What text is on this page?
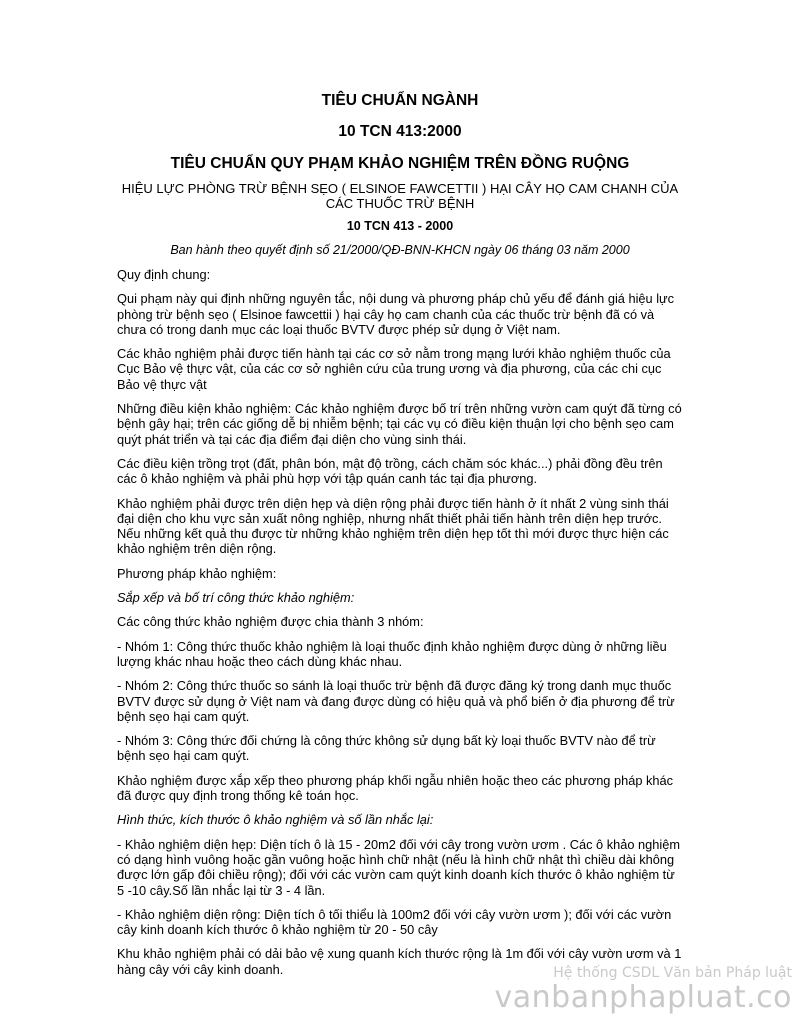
TIÊU CHUẨN NGÀNH
10 TCN 413:2000
TIÊU CHUẨN QUY PHẠM KHẢO NGHIỆM TRÊN ĐỒNG RUỘNG
HIỆU LỰC PHÒNG TRỪ BỆNH SẸO ( ELSINOE FAWCETTII ) HẠI CÂY HỌ CAM CHANH CỦA CÁC THUỐC TRỪ BỆNH
10 TCN 413 - 2000
Ban hành theo quyết định số 21/2000/QĐ-BNN-KHCN ngày 06 tháng 03 năm 2000

Quy định chung:

Qui phạm này qui định những nguyên tắc, nội dung và phương pháp chủ yếu để đánh giá hiệu lực phòng trừ bệnh sẹo ( Elsinoe fawcettii ) hại cây họ cam chanh của các thuốc trừ bệnh đã có và chưa có trong danh mục các loại thuốc BVTV được phép sử dụng ở Việt nam.

Các khảo nghiệm phải được tiến hành tại các cơ sở nằm trong mạng lưới khảo nghiệm thuốc của Cục Bảo vệ thực vật, của các cơ sở nghiên cứu của trung ương và địa phương, của các chi cục Bảo vệ thực vật

Những điều kiện khảo nghiệm: Các khảo nghiệm được bố trí trên những vườn cam quýt đã từng có bệnh gây hại; trên các giống dễ bị nhiễm bệnh; tại các vụ có điều kiện thuận lợi cho bệnh sẹo cam quýt phát triển và tại các địa điểm đại diện cho vùng sinh thái.

Các điều kiện trồng trọt (đất, phân bón, mật độ trồng, cách chăm sóc khác...) phải đồng đều trên các ô khảo nghiệm và phải phù hợp với tập quán canh tác tại địa phương.

Khảo nghiệm phải được trên diện hẹp và diện rộng phải được tiến hành ở ít nhất 2 vùng sinh thái đại diện cho khu vực sản xuất nông nghiệp, nhưng nhất thiết phải tiến hành trên diện hẹp trước. Nếu những kết quả thu được từ những khảo nghiệm trên diện hẹp tốt thì mới được thực hiện các khảo nghiệm trên diện rộng.

Phương pháp khảo nghiệm:

Sắp xếp và bố trí công thức khảo nghiệm:

Các công thức khảo nghiệm được chia thành 3 nhóm:

- Nhóm 1: Công thức thuốc khảo nghiệm là loại thuốc định khảo nghiệm được dùng ở những liều lượng khác nhau hoặc theo cách dùng khác nhau.

- Nhóm 2: Công thức thuốc so sánh là loại thuốc trừ bệnh đã được đăng ký trong danh mục thuốc BVTV được sử dụng ở Việt nam và đang được dùng có hiệu quả và phổ biến ở địa phương để trừ bệnh sẹo hại cam quýt.

- Nhóm 3: Công thức đối chứng là công thức không sử dụng bất kỳ loại thuốc BVTV nào để trừ bệnh sẹo hại cam quýt.

Khảo nghiệm được xắp xếp theo phương pháp khối ngẫu nhiên hoặc theo các phương pháp khác đã được quy định trong thống kê toán học.

Hình thức, kích thước ô khảo nghiệm và số lần nhắc lại:

- Khảo nghiệm diện hẹp: Diện tích ô là 15 - 20m2 đối với cây trong vườn ươm . Các ô khảo nghiệm có dạng hình vuông hoặc gần vuông hoặc hình chữ nhật (nếu là hình chữ nhật thì chiều dài không được lớn gấp đôi chiều rộng); đối với các vườn cam quýt kinh doanh kích thước ô khảo nghiệm từ 5 -10 cây.Số lần nhắc lại từ 3 - 4 lần.

- Khảo nghiệm diện rộng: Diện tích ô tối thiểu là 100m2 đối với cây vườn ươm ); đối với các vườn cây kinh doanh kích thước ô khảo nghiệm từ 20 - 50 cây

Khu khảo nghiệm phải có dải bảo vệ xung quanh kích thước rộng là 1m đối với cây vườn ươm và 1 hàng cây với cây kinh doanh.	Hệ thống CSDL Văn bản Pháp luật
vanbanphapluat.co
